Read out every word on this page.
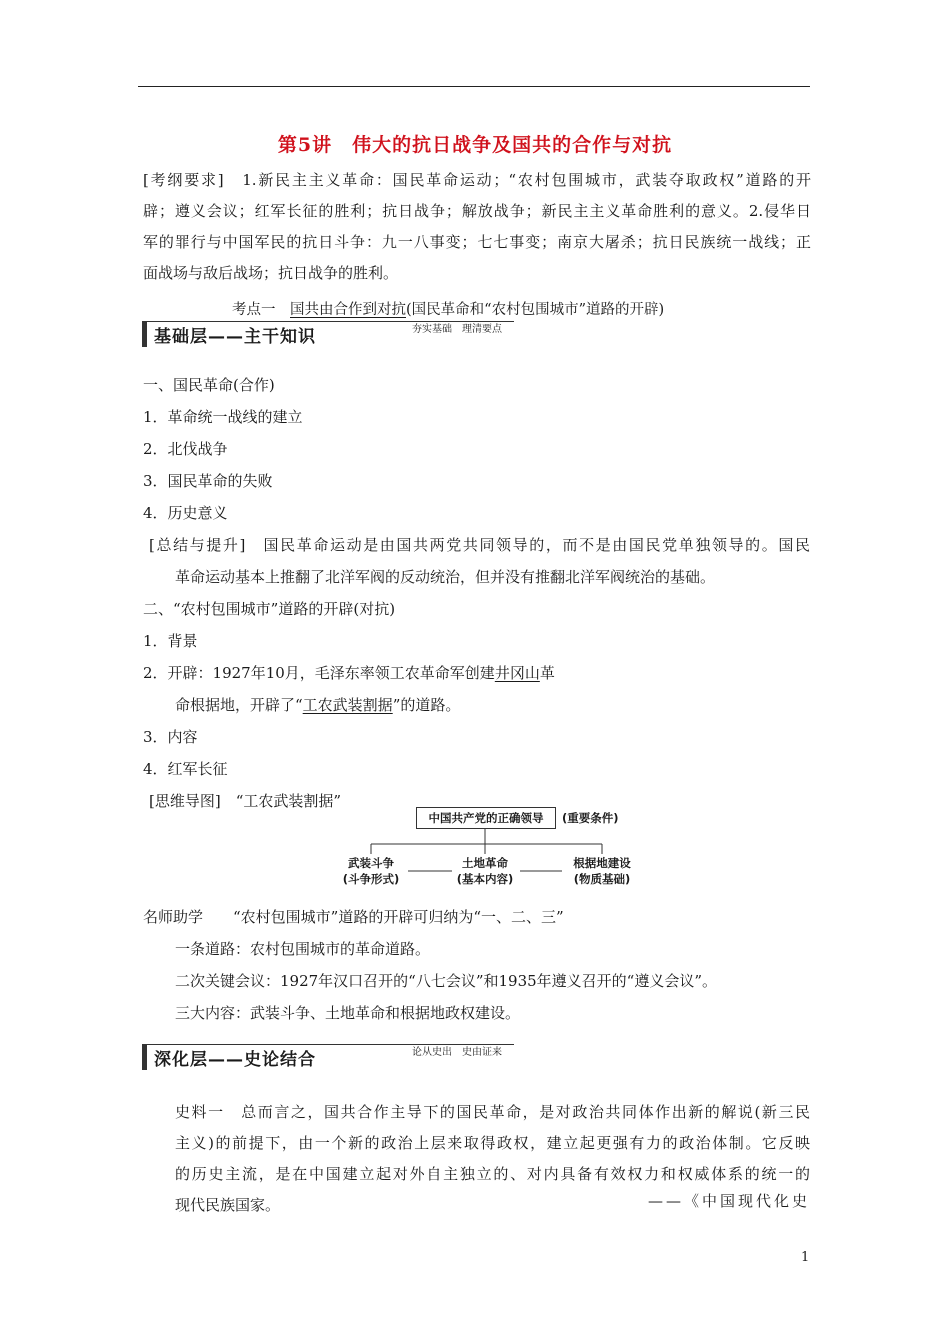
第5讲　伟大的抗日战争及国共的合作与对抗
[考纲要求]　1.新民主主义革命：国民革命运动；“农村包围城市，武装夺取政权”道路的开
辟；遵义会议；红军长征的胜利；抗日战争；解放战争；新民主主义革命胜利的意义。2.侵华日
军的罪行与中国军民的抗日斗争：九一八事变；七七事变；南京大屠杀；抗日民族统一战线；正
面战场与敌后战场；抗日战争的胜利。
考点一　国共由合作到对抗(国民革命和“农村包围城市”道路的开辟)
基础层——主干知识	夯实基础　理清要点
一、国民革命(合作)
1．革命统一战线的建立
2．北伐战争
3．国民革命的失败
4．历史意义
[总结与提升]　国民革命运动是由国共两党共同领导的，而不是由国民党单独领导的。国民
革命运动基本上推翻了北洋军阀的反动统治，但并没有推翻北洋军阀统治的基础。
二、“农村包围城市”道路的开辟(对抗)
1．背景
2．开辟：1927年10月，毛泽东率领工农革命军创建井冈山革
命根据地，开辟了“工农武装割据”的道路。
3．内容
4．红军长征
[思维导图]　“工农武装割据”
中国共产党的正确领导	(重要条件)
武装斗争
(斗争形式)
土地革命
(基本内容)
根据地建设
(物质基础)
名师助学　　“农村包围城市”道路的开辟可归纳为“一、二、三”
一条道路：农村包围城市的革命道路。
二次关键会议：1927年汉口召开的“八七会议”和1935年遵义召开的“遵义会议”。
三大内容：武装斗争、土地革命和根据地政权建设。
深化层——史论结合	论从史出　史由证来
史料一　总而言之，国共合作主导下的国民革命，是对政治共同体作出新的解说(新三民
主义)的前提下，由一个新的政治上层来取得政权，建立起更强有力的政治体制。它反映
的历史主流，是在中国建立起对外自主独立的、对内具备有效权力和权威体系的统一的
现代民族国家。	——《中国现代化史
1
